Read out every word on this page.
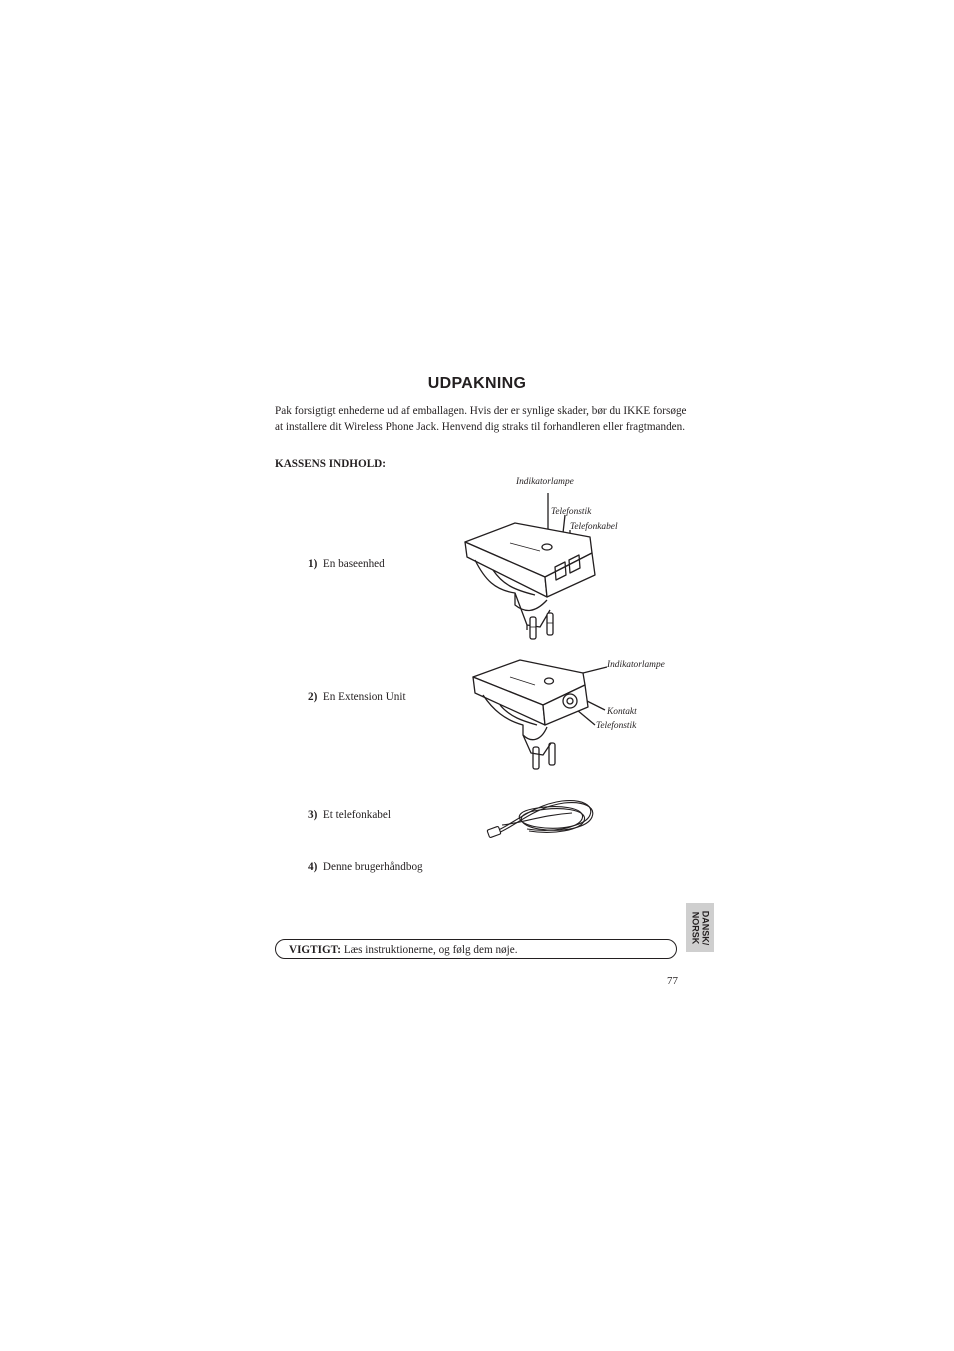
UDPAKNING
Pak forsigtigt enhederne ud af emballagen. Hvis der er synlige skader, bør du IKKE forsøge at installere dit Wireless Phone Jack. Henvend dig straks til forhandleren eller fragtmanden.
KASSENS INDHOLD:
1) En baseenhed
2) En Extension Unit
3) Et telefonkabel
4) Denne brugerhåndbog
Indikatorlampe
Telefonstik
Telefonkabel
Indikatorlampe
Kontakt
Telefonstik
VIGTIGT: Læs instruktionerne, og følg dem nøje.
DANSK/
NORSK
77
